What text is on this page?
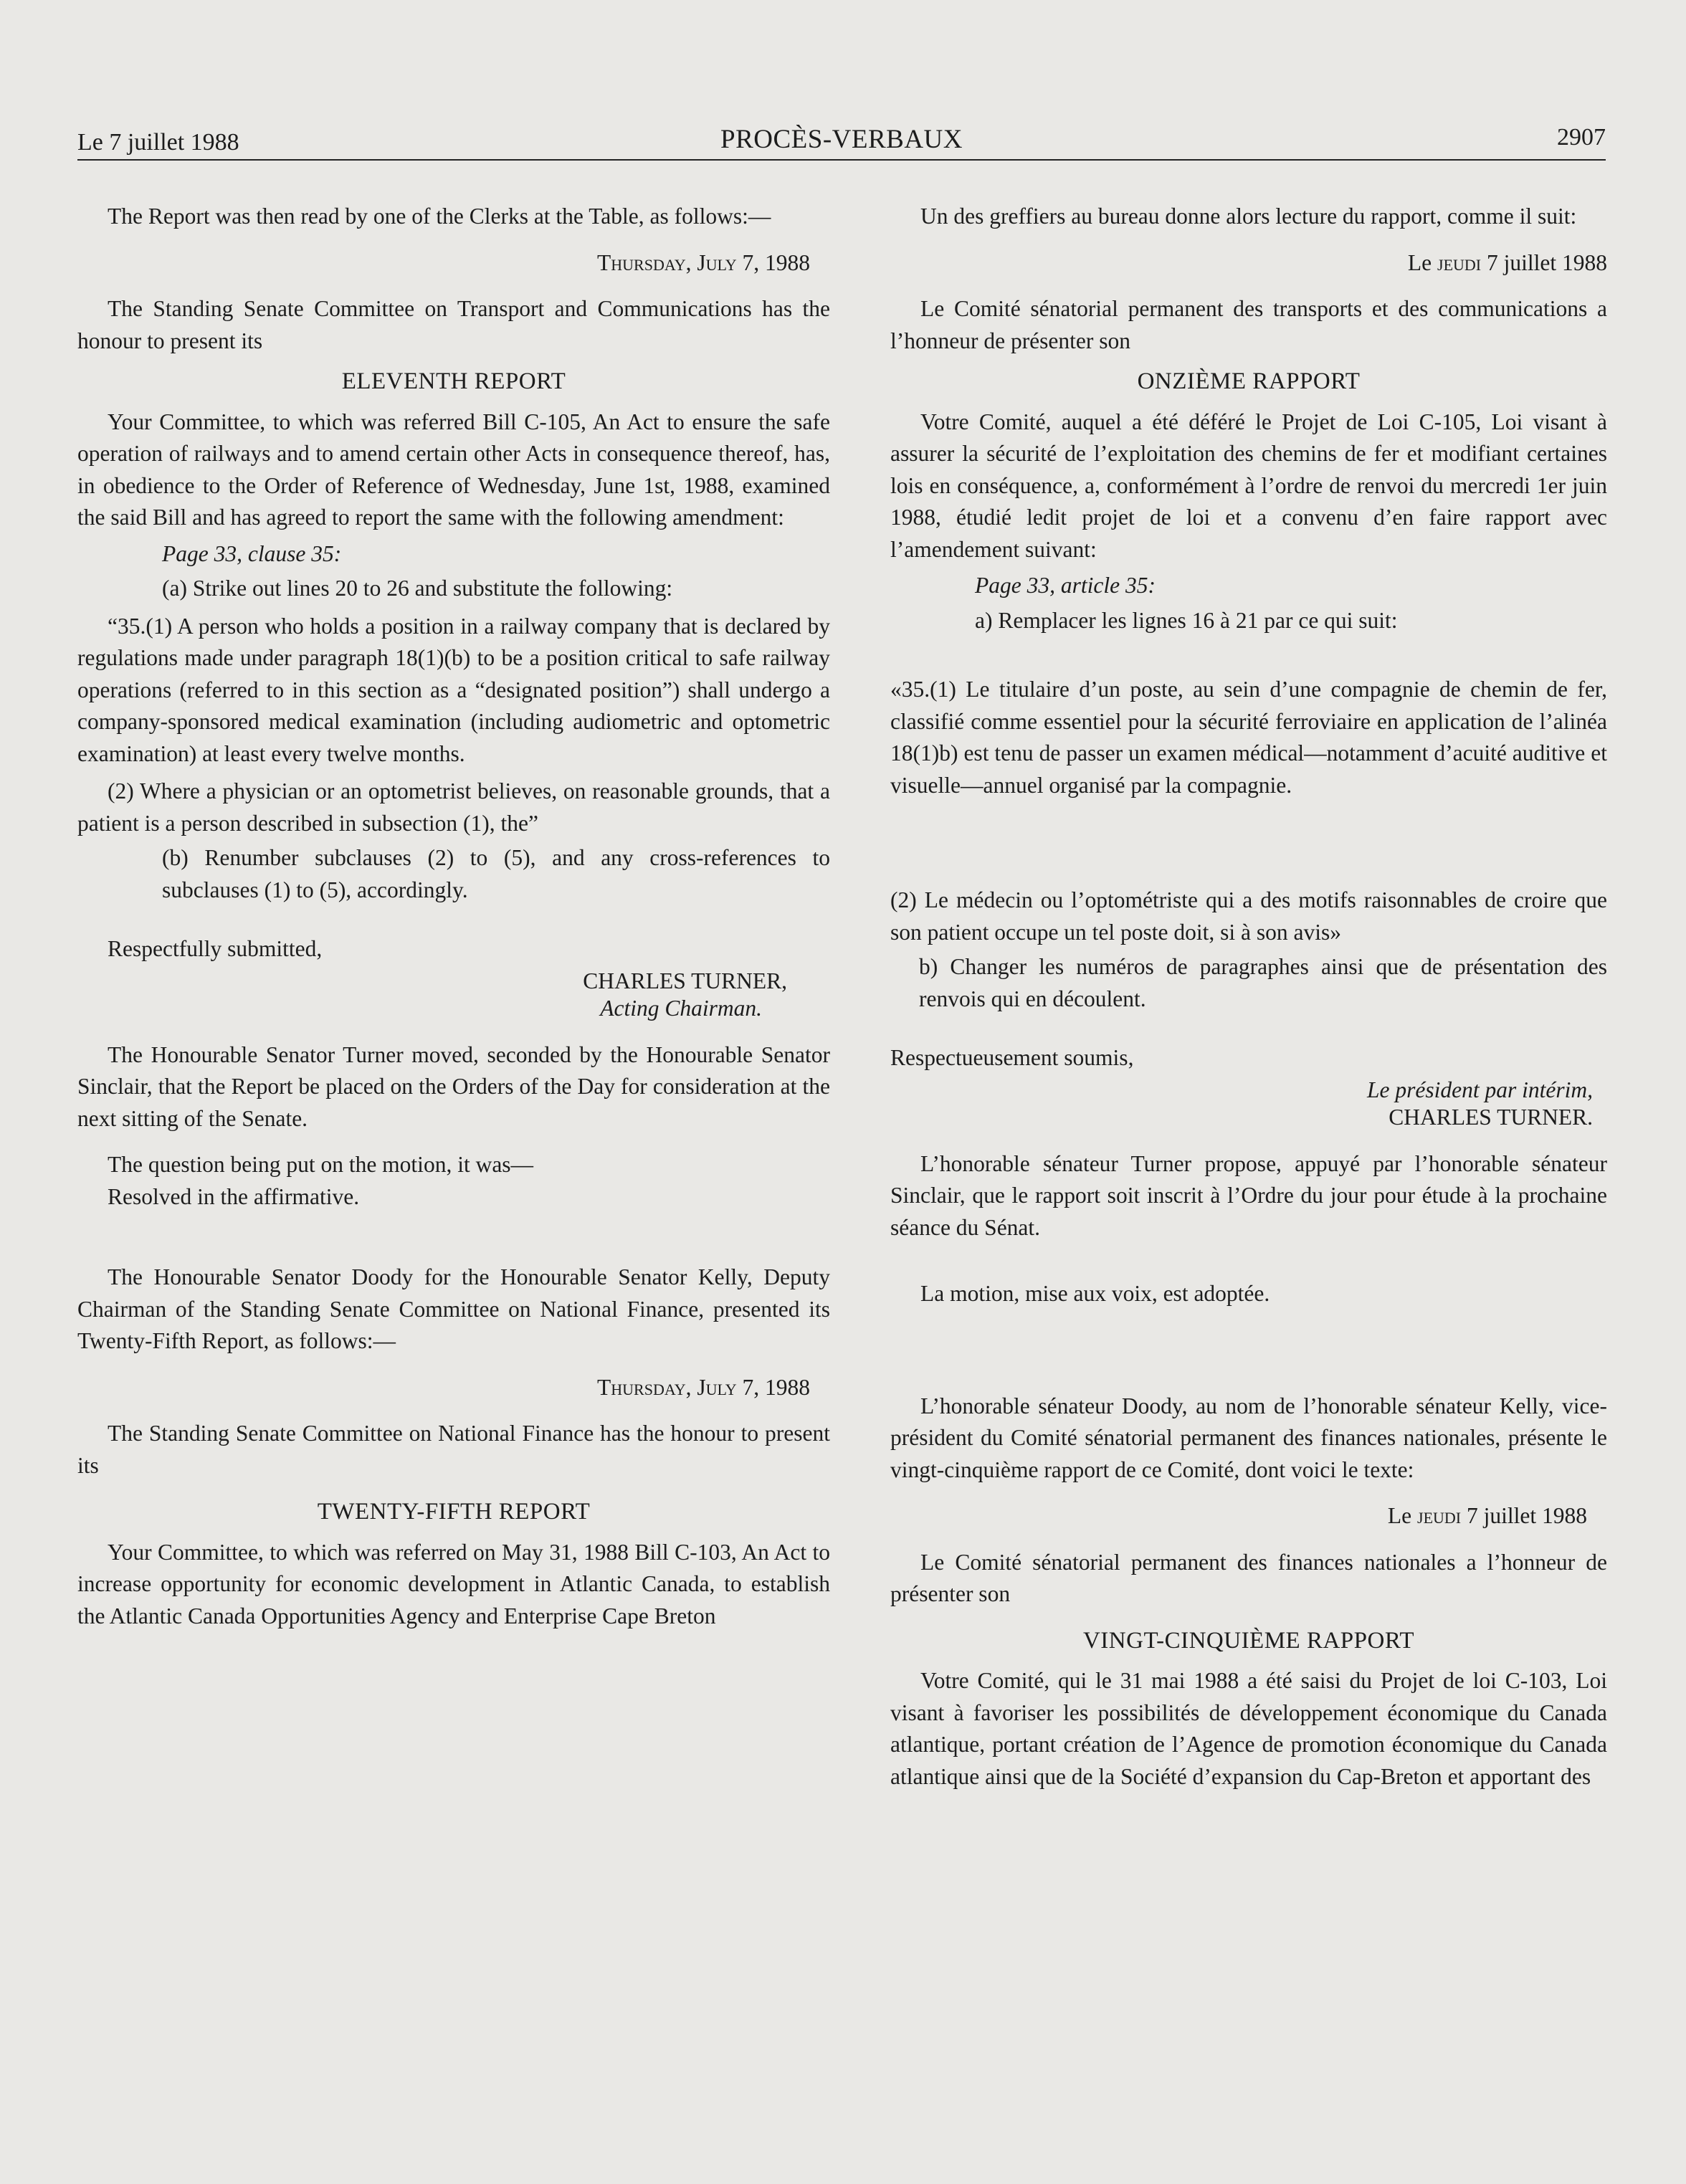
Le 7 juillet 1988	PROCÈS-VERBAUX	2907

The Report was then read by one of the Clerks at the Table, as follows:—

Thursday, July 7, 1988

The Standing Senate Committee on Transport and Communications has the honour to present its

ELEVENTH REPORT

Your Committee, to which was referred Bill C-105, An Act to ensure the safe operation of railways and to amend certain other Acts in consequence thereof, has, in obedience to the Order of Reference of Wednesday, June 1st, 1988, examined the said Bill and has agreed to report the same with the following amendment:

Page 33, clause 35:

(a) Strike out lines 20 to 26 and substitute the following:

“35.(1) A person who holds a position in a railway company that is declared by regulations made under paragraph 18(1)(b) to be a position critical to safe railway operations (referred to in this section as a “designated position”) shall undergo a company-sponsored medical examination (including audiometric and optometric examination) at least every twelve months.

(2) Where a physician or an optometrist believes, on reasonable grounds, that a patient is a person described in subsection (1), the”

(b) Renumber subclauses (2) to (5), and any cross-references to subclauses (1) to (5), accordingly.

Respectfully submitted,

CHARLES TURNER,

Acting Chairman.

The Honourable Senator Turner moved, seconded by the Honourable Senator Sinclair, that the Report be placed on the Orders of the Day for consideration at the next sitting of the Senate.

The question being put on the motion, it was—

Resolved in the affirmative.

The Honourable Senator Doody for the Honourable Senator Kelly, Deputy Chairman of the Standing Senate Committee on National Finance, presented its Twenty-Fifth Report, as follows:—

Thursday, July 7, 1988

The Standing Senate Committee on National Finance has the honour to present its

TWENTY-FIFTH REPORT

Your Committee, to which was referred on May 31, 1988 Bill C-103, An Act to increase opportunity for economic development in Atlantic Canada, to establish the Atlantic Canada Opportunities Agency and Enterprise Cape Breton

Un des greffiers au bureau donne alors lecture du rapport, comme il suit:

Le jeudi 7 juillet 1988

Le Comité sénatorial permanent des transports et des communications a l’honneur de présenter son

ONZIÈME RAPPORT

Votre Comité, auquel a été déféré le Projet de Loi C-105, Loi visant à assurer la sécurité de l’exploitation des chemins de fer et modifiant certaines lois en conséquence, a, conformément à l’ordre de renvoi du mercredi 1er juin 1988, étudié ledit projet de loi et a convenu d’en faire rapport avec l’amendement suivant:

Page 33, article 35:

a) Remplacer les lignes 16 à 21 par ce qui suit:

«35.(1) Le titulaire d’un poste, au sein d’une compagnie de chemin de fer, classifié comme essentiel pour la sécurité ferroviaire en application de l’alinéa 18(1)b) est tenu de passer un examen médical—notamment d’acuité auditive et visuelle—annuel organisé par la compagnie.

(2) Le médecin ou l’optométriste qui a des motifs raisonnables de croire que son patient occupe un tel poste doit, si à son avis»

b) Changer les numéros de paragraphes ainsi que de présentation des renvois qui en découlent.

Respectueusement soumis,

Le président par intérim,

CHARLES TURNER.

L’honorable sénateur Turner propose, appuyé par l’honorable sénateur Sinclair, que le rapport soit inscrit à l’Ordre du jour pour étude à la prochaine séance du Sénat.

La motion, mise aux voix, est adoptée.

L’honorable sénateur Doody, au nom de l’honorable sénateur Kelly, vice-président du Comité sénatorial permanent des finances nationales, présente le vingt-cinquième rapport de ce Comité, dont voici le texte:

Le jeudi 7 juillet 1988

Le Comité sénatorial permanent des finances nationales a l’honneur de présenter son

VINGT-CINQUIÈME RAPPORT

Votre Comité, qui le 31 mai 1988 a été saisi du Projet de loi C-103, Loi visant à favoriser les possibilités de développement économique du Canada atlantique, portant création de l’Agence de promotion économique du Canada atlantique ainsi que de la Société d’expansion du Cap-Breton et apportant des
